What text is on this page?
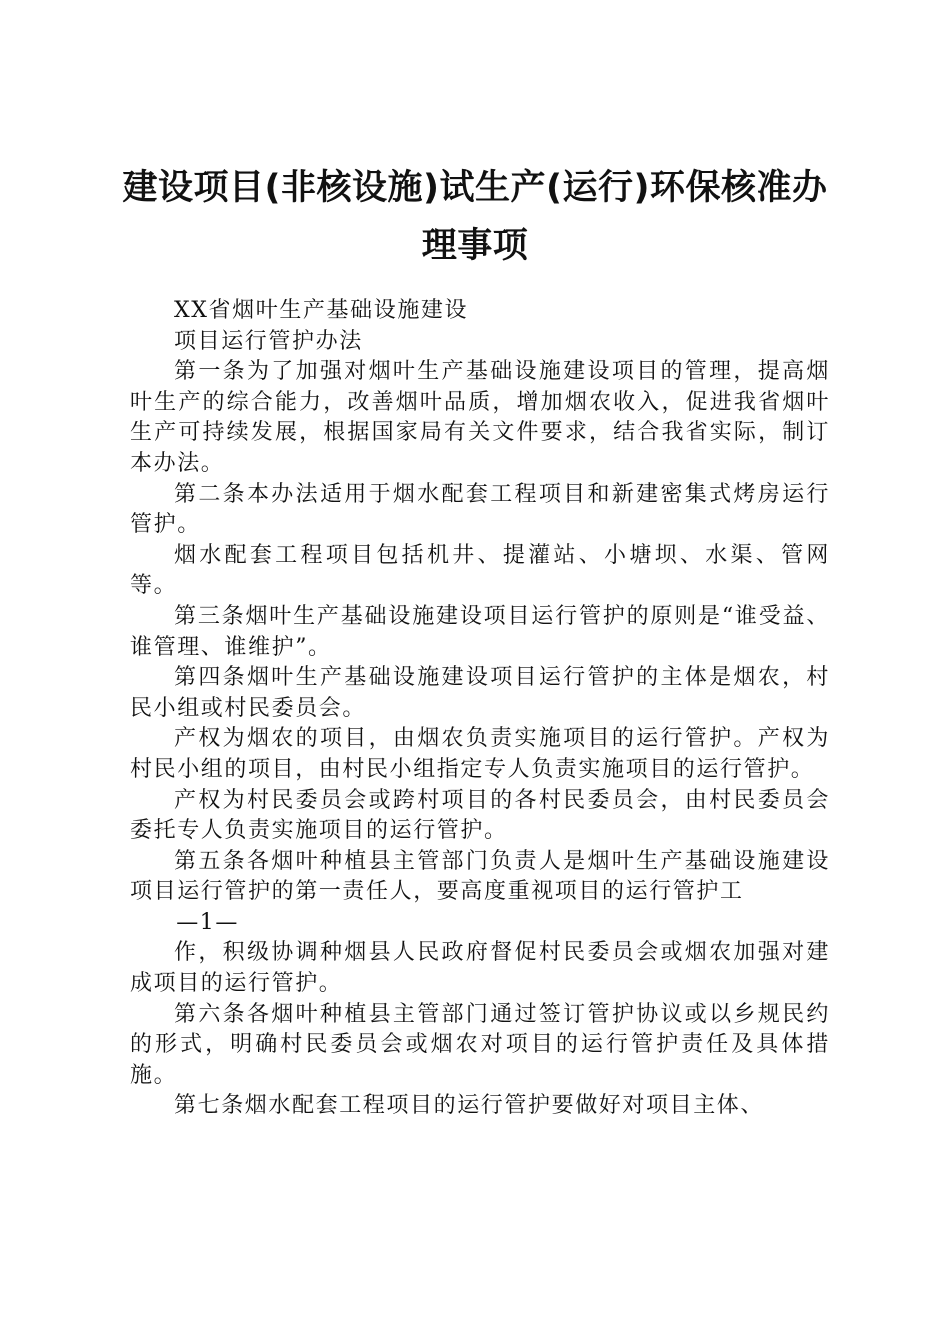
建设项目(非核设施)试生产(运行)环保核准办
理事项

XX省烟叶生产基础设施建设

项目运行管护办法

第一条为了加强对烟叶生产基础设施建设项目的管理，提高烟叶生产的综合能力，改善烟叶品质，增加烟农收入，促进我省烟叶生产可持续发展，根据国家局有关文件要求，结合我省实际，制订本办法。

第二条本办法适用于烟水配套工程项目和新建密集式烤房运行管护。

烟水配套工程项目包括机井、提灌站、小塘坝、水渠、管网等。

第三条烟叶生产基础设施建设项目运行管护的原则是“谁受益、谁管理、谁维护”。

第四条烟叶生产基础设施建设项目运行管护的主体是烟农，村民小组或村民委员会。

产权为烟农的项目，由烟农负责实施项目的运行管护。产权为村民小组的项目，由村民小组指定专人负责实施项目的运行管护。

产权为村民委员会或跨村项目的各村民委员会，由村民委员会委托专人负责实施项目的运行管护。

第五条各烟叶种植县主管部门负责人是烟叶生产基础设施建设项目运行管护的第一责任人，要高度重视项目的运行管护工

—1—

作，积级协调种烟县人民政府督促村民委员会或烟农加强对建成项目的运行管护。

第六条各烟叶种植县主管部门通过签订管护协议或以乡规民约的形式，明确村民委员会或烟农对项目的运行管护责任及具体措施。

第七条烟水配套工程项目的运行管护要做好对项目主体、
